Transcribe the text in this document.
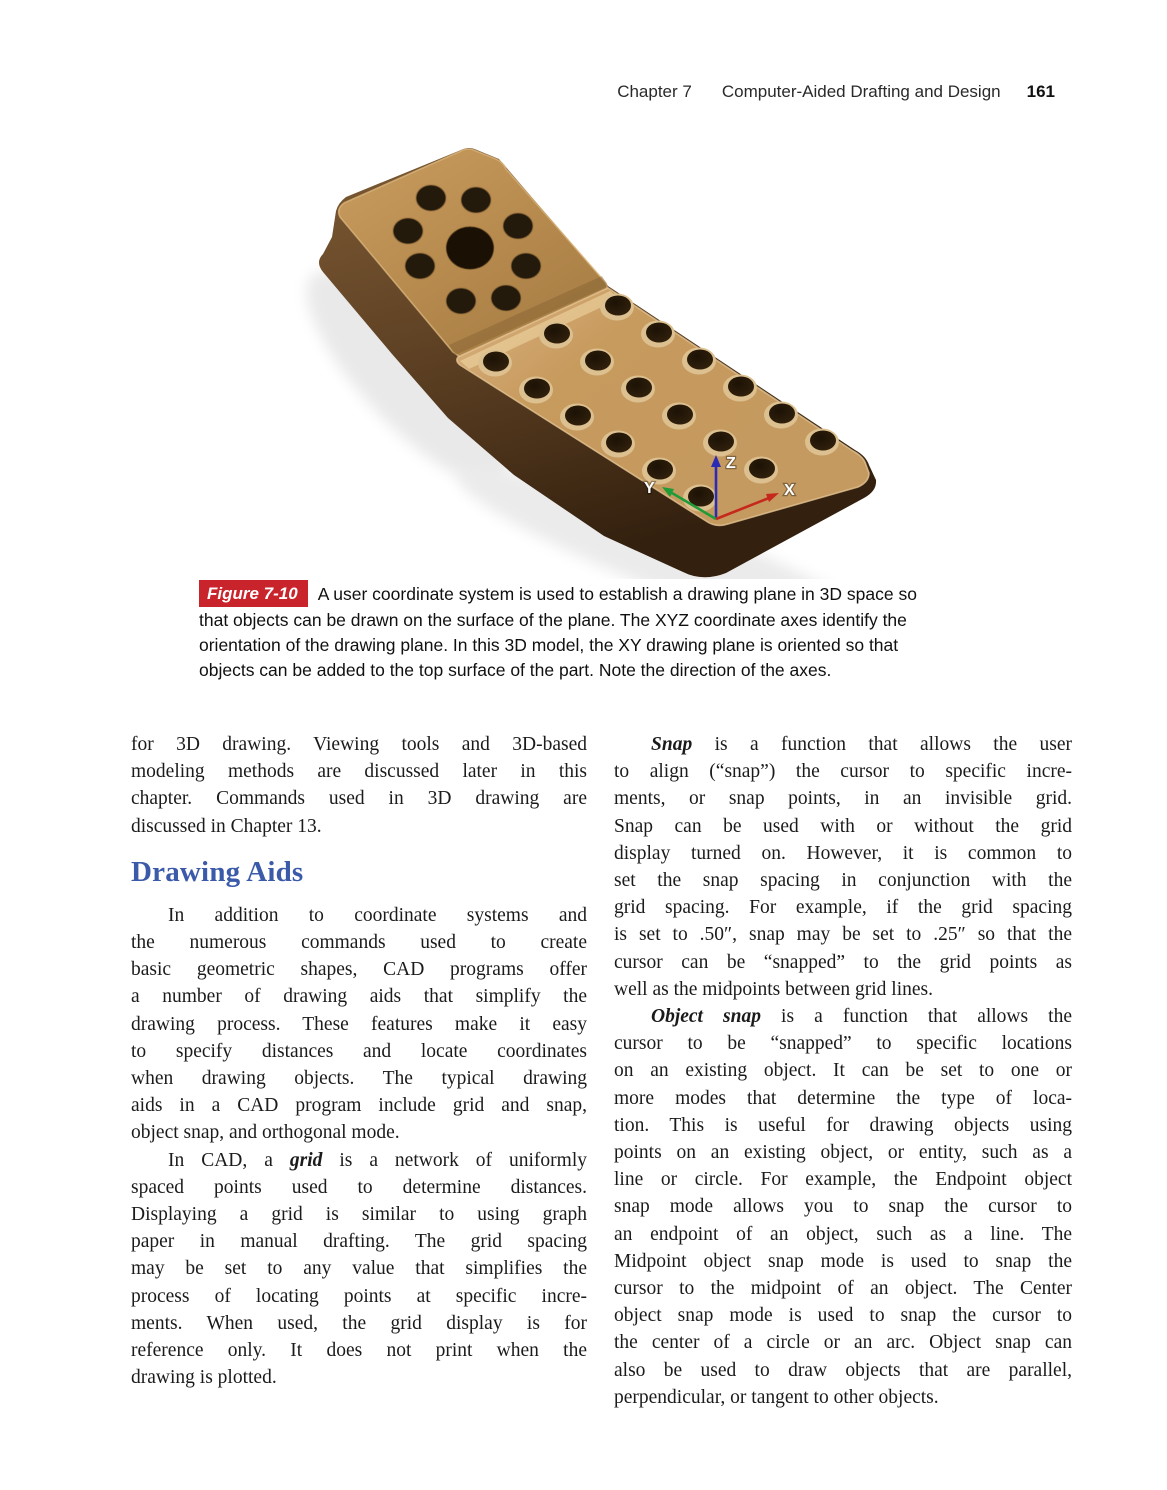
Chapter 7 Computer-Aided Drafting and Design 161
Z
Y	X
Figure 7-10 A user coordinate system is used to establish a drawing plane in 3D space so
that objects can be drawn on the surface of the plane. The XYZ coordinate axes identify the
orientation of the drawing plane. In this 3D model, the XY drawing plane is oriented so that
objects can be added to the top surface of the part. Note the direction of the axes.
for 3D drawing. Viewing tools and 3D-based
modeling methods are discussed later in this
chapter. Commands used in 3D drawing are
discussed in Chapter 13.
Drawing Aids
In addition to coordinate systems and
the numerous commands used to create
basic geometric shapes, CAD programs offer
a number of drawing aids that simplify the
drawing process. These features make it easy
to specify distances and locate coordinates
when drawing objects. The typical drawing
aids in a CAD program include grid and snap,
object snap, and orthogonal mode.
In CAD, a grid is a network of uniformly
spaced points used to determine distances.
Displaying a grid is similar to using graph
paper in manual drafting. The grid spacing
may be set to any value that simplifies the
process of locating points at specific incre-
ments. When used, the grid display is for
reference only. It does not print when the
drawing is plotted.
Snap is a function that allows the user
to align (“snap”) the cursor to specific incre-
ments, or snap points, in an invisible grid.
Snap can be used with or without the grid
display turned on. However, it is common to
set the snap spacing in conjunction with the
grid spacing. For example, if the grid spacing
is set to .50″, snap may be set to .25″ so that the
cursor can be “snapped” to the grid points as
well as the midpoints between grid lines.
Object snap is a function that allows the
cursor to be “snapped” to specific locations
on an existing object. It can be set to one or
more modes that determine the type of loca-
tion. This is useful for drawing objects using
points on an existing object, or entity, such as a
line or circle. For example, the Endpoint object
snap mode allows you to snap the cursor to
an endpoint of an object, such as a line. The
Midpoint object snap mode is used to snap the
cursor to the midpoint of an object. The Center
object snap mode is used to snap the cursor to
the center of a circle or an arc. Object snap can
also be used to draw objects that are parallel,
perpendicular, or tangent to other objects.
